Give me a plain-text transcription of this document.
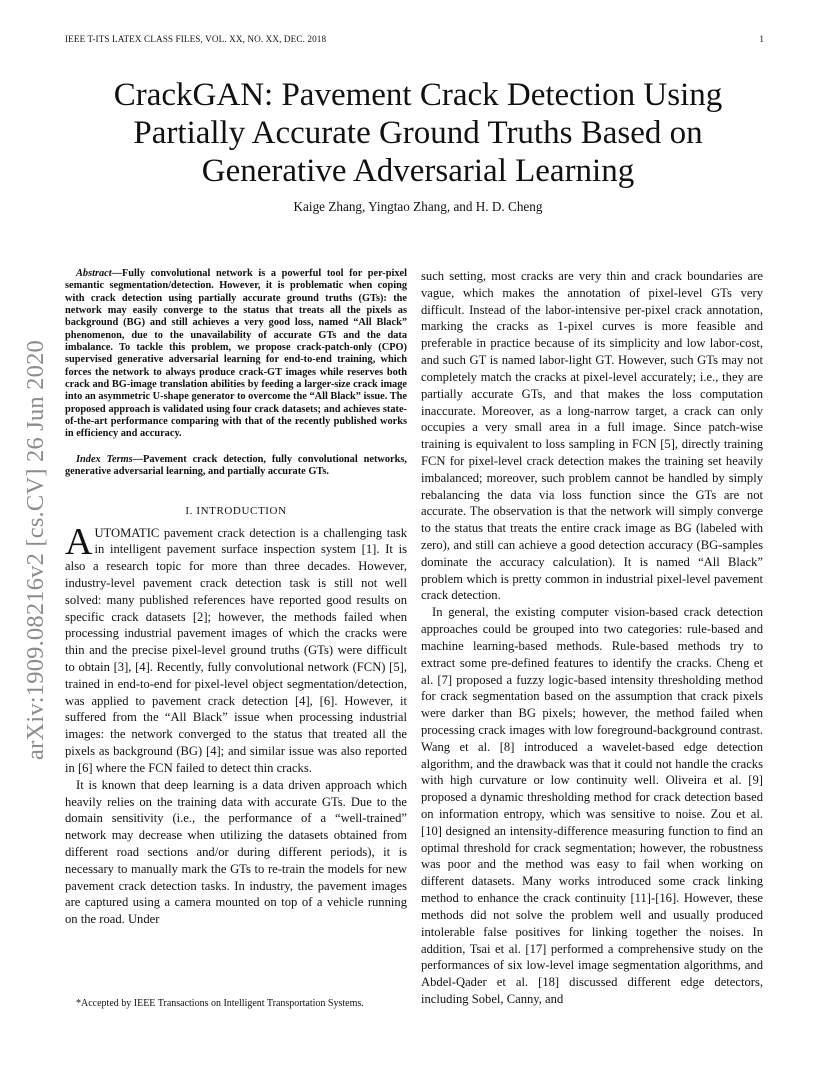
IEEE T-ITS LATEX CLASS FILES, VOL. XX, NO. XX, DEC. 2018	1
arXiv:1909.08216v2 [cs.CV] 26 Jun 2020
CrackGAN: Pavement Crack Detection Using Partially Accurate Ground Truths Based on Generative Adversarial Learning
Kaige Zhang, Yingtao Zhang, and H. D. Cheng

Abstract—Fully convolutional network is a powerful tool for per-pixel semantic segmentation/detection. However, it is problematic when coping with crack detection using partially accurate ground truths (GTs): the network may easily converge to the status that treats all the pixels as background (BG) and still achieves a very good loss, named “All Black” phenomenon, due to the unavailability of accurate GTs and the data imbalance. To tackle this problem, we propose crack-patch-only (CPO) supervised generative adversarial learning for end-to-end training, which forces the network to always produce crack-GT images while reserves both crack and BG-image translation abilities by feeding a larger-size crack image into an asymmetric U-shape generator to overcome the “All Black” issue. The proposed approach is validated using four crack datasets; and achieves state-of-the-art performance comparing with that of the recently published works in efficiency and accuracy.

Index Terms—Pavement crack detection, fully convolutional networks, generative adversarial learning, and partially accurate GTs.

I. INTRODUCTION

AUTOMATIC pavement crack detection is a challenging task in intelligent pavement surface inspection system [1]. It is also a research topic for more than three decades. However, industry-level pavement crack detection task is still not well solved: many published references have reported good results on specific crack datasets [2]; however, the methods failed when processing industrial pavement images of which the cracks were thin and the precise pixel-level ground truths (GTs) were difficult to obtain [3], [4]. Recently, fully convolutional network (FCN) [5], trained in end-to-end for pixel-level object segmentation/detection, was applied to pavement crack detection [4], [6]. However, it suffered from the “All Black” issue when processing industrial images: the network converged to the status that treated all the pixels as background (BG) [4]; and similar issue was also reported in [6] where the FCN failed to detect thin cracks.

It is known that deep learning is a data driven approach which heavily relies on the training data with accurate GTs. Due to the domain sensitivity (i.e., the performance of a “well-trained” network may decrease when utilizing the datasets obtained from different road sections and/or during different periods), it is necessary to manually mark the GTs to re-train the models for new pavement crack detection tasks. In industry, the pavement images are captured using a camera mounted on top of a vehicle running on the road. Under

*Accepted by IEEE Transactions on Intelligent Transportation Systems.

such setting, most cracks are very thin and crack boundaries are vague, which makes the annotation of pixel-level GTs very difficult. Instead of the labor-intensive per-pixel crack annotation, marking the cracks as 1-pixel curves is more feasible and preferable in practice because of its simplicity and low labor-cost, and such GT is named labor-light GT. However, such GTs may not completely match the cracks at pixel-level accurately; i.e., they are partially accurate GTs, and that makes the loss computation inaccurate. Moreover, as a long-narrow target, a crack can only occupies a very small area in a full image. Since patch-wise training is equivalent to loss sampling in FCN [5], directly training FCN for pixel-level crack detection makes the training set heavily imbalanced; moreover, such problem cannot be handled by simply rebalancing the data via loss function since the GTs are not accurate. The observation is that the network will simply converge to the status that treats the entire crack image as BG (labeled with zero), and still can achieve a good detection accuracy (BG-samples dominate the accuracy calculation). It is named “All Black” problem which is pretty common in industrial pixel-level pavement crack detection.

In general, the existing computer vision-based crack detection approaches could be grouped into two categories: rule-based and machine learning-based methods. Rule-based methods try to extract some pre-defined features to identify the cracks. Cheng et al. [7] proposed a fuzzy logic-based intensity thresholding method for crack segmentation based on the assumption that crack pixels were darker than BG pixels; however, the method failed when processing crack images with low foreground-background contrast. Wang et al. [8] introduced a wavelet-based edge detection algorithm, and the drawback was that it could not handle the cracks with high curvature or low continuity well. Oliveira et al. [9] proposed a dynamic thresholding method for crack detection based on information entropy, which was sensitive to noise. Zou et al. [10] designed an intensity-difference measuring function to find an optimal threshold for crack segmentation; however, the robustness was poor and the method was easy to fail when working on different datasets. Many works introduced some crack linking method to enhance the crack continuity [11]-[16]. However, these methods did not solve the problem well and usually produced intolerable false positives for linking together the noises. In addition, Tsai et al. [17] performed a comprehensive study on the performances of six low-level image segmentation algorithms, and Abdel-Qader et al. [18] discussed different edge detectors, including Sobel, Canny, and
